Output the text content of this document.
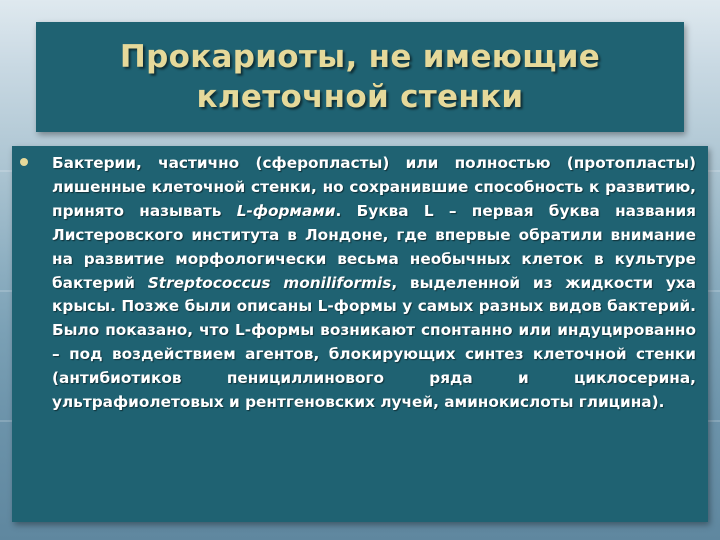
Прокариоты, не имеющие
клеточной стенки

Бактерии, частично (сферопласты) или полностью (протопласты) лишенные клеточной стенки, но сохранившие способность к развитию, принято называть L-формами. Буква L – первая буква названия Листеровского института в Лондоне, где впервые обратили внимание на развитие морфологически весьма необычных клеток в культуре бактерий Streptococcus moniliformis, выделенной из жидкости уха крысы. Позже были описаны L-формы у самых разных видов бактерий. Было показано, что L-формы возникают спонтанно или индуцированно – под воздействием агентов, блокирующих синтез клеточной стенки (антибиотиков пенициллинового ряда и циклосерина, ультрафиолетовых и рентгеновских лучей, аминокислоты глицина).
